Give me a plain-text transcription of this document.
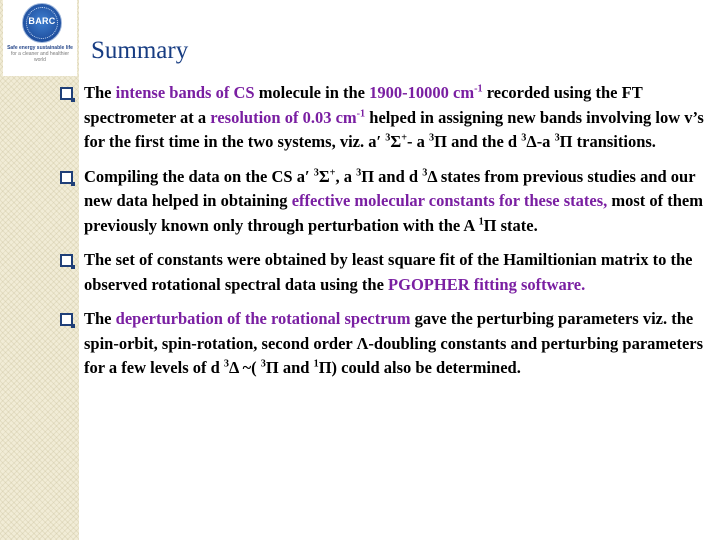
BARC
Safe energy sustainable life
for a cleaner and healthier world	Summary
The intense bands of CS molecule in the 1900-10000 $cm^{-1}$ recorded using the FT spectrometer at a resolution of 0.03 $cm^{-1}$ helped in assigning new bands involving low v’s for the first time in the two systems, viz. a′ $^3$Σ+- a $^3$Π and the d $^3$Δ-a $^3$Π transitions.
Compiling the data on the CS a′ $^3$Σ+, a $^3$Π and d $^3$Δ states from previous studies and our new data helped in obtaining effective molecular constants for these states, most of them previously known only through perturbation with the A $^1$Π state.
The set of constants were obtained by least square fit of the Hamiltionian matrix to the observed rotational spectral data using the PGOPHER fitting software.
The deperturbation of the rotational spectrum gave the perturbing parameters viz. the spin-orbit, spin-rotation, second order Λ-doubling constants and perturbing parameters for a few levels of d $^3$Δ ~( $^3$Π and $^1$Π) could also be determined.
